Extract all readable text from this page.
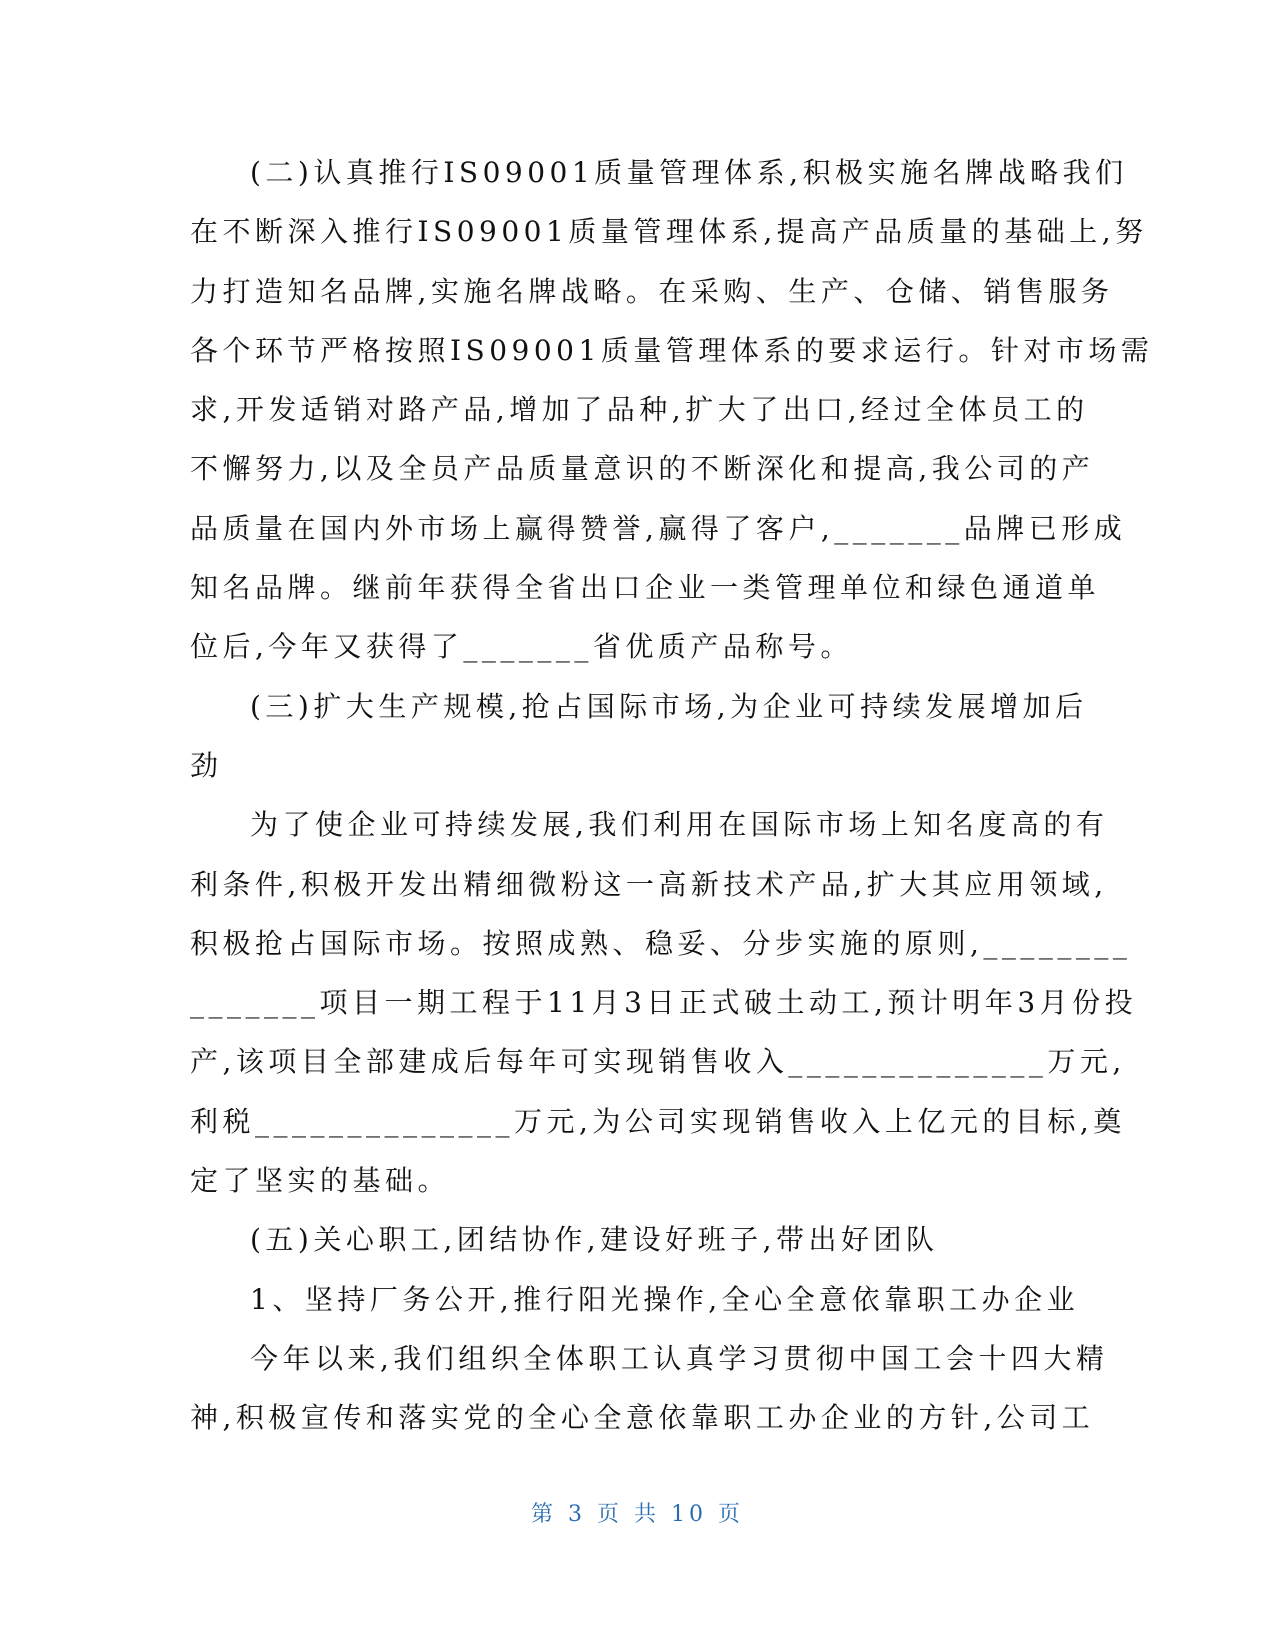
(二)认真推行IS09001质量管理体系,积极实施名牌战略我们
在不断深入推行IS09001质量管理体系,提高产品质量的基础上,努
力打造知名品牌,实施名牌战略。在采购、生产、仓储、销售服务
各个环节严格按照IS09001质量管理体系的要求运行。针对市场需
求,开发适销对路产品,增加了品种,扩大了出口,经过全体员工的
不懈努力,以及全员产品质量意识的不断深化和提高,我公司的产
品质量在国内外市场上赢得赞誉,赢得了客户,_______品牌已形成
知名品牌。继前年获得全省出口企业一类管理单位和绿色通道单
位后,今年又获得了_______省优质产品称号。
(三)扩大生产规模,抢占国际市场,为企业可持续发展增加后
劲
为了使企业可持续发展,我们利用在国际市场上知名度高的有
利条件,积极开发出精细微粉这一高新技术产品,扩大其应用领域,
积极抢占国际市场。按照成熟、稳妥、分步实施的原则,________
_______项目一期工程于11月3日正式破土动工,预计明年3月份投
产,该项目全部建成后每年可实现销售收入______________万元,
利税______________万元,为公司实现销售收入上亿元的目标,奠
定了坚实的基础。
(五)关心职工,团结协作,建设好班子,带出好团队
1、坚持厂务公开,推行阳光操作,全心全意依靠职工办企业
今年以来,我们组织全体职工认真学习贯彻中国工会十四大精
神,积极宣传和落实党的全心全意依靠职工办企业的方针,公司工
第 3 页 共 10 页
